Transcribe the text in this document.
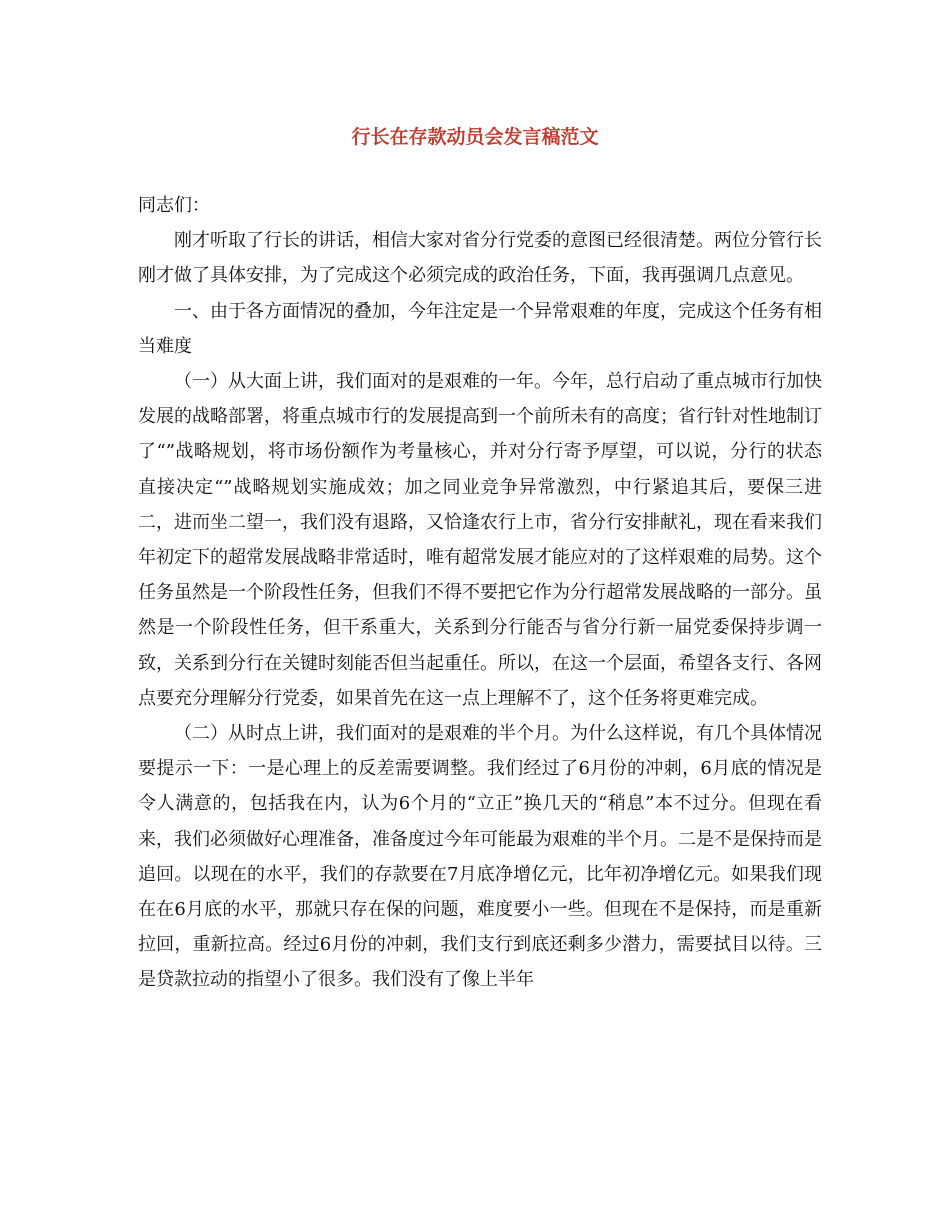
行长在存款动员会发言稿范文

同志们：

刚才听取了行长的讲话，相信大家对省分行党委的意图已经很清楚。两位分管行长刚才做了具体安排，为了完成这个必须完成的政治任务，下面，我再强调几点意见。

一、由于各方面情况的叠加，今年注定是一个异常艰难的年度，完成这个任务有相当难度

（一）从大面上讲，我们面对的是艰难的一年。今年，总行启动了重点城市行加快发展的战略部署，将重点城市行的发展提高到一个前所未有的高度；省行针对性地制订了“”战略规划，将市场份额作为考量核心，并对分行寄予厚望，可以说，分行的状态直接决定“”战略规划实施成效；加之同业竞争异常激烈，中行紧追其后，要保三进二，进而坐二望一，我们没有退路，又恰逢农行上市，省分行安排献礼，现在看来我们年初定下的超常发展战略非常适时，唯有超常发展才能应对的了这样艰难的局势。这个任务虽然是一个阶段性任务，但我们不得不要把它作为分行超常发展战略的一部分。虽然是一个阶段性任务，但干系重大，关系到分行能否与省分行新一届党委保持步调一致，关系到分行在关键时刻能否但当起重任。所以，在这一个层面，希望各支行、各网点要充分理解分行党委，如果首先在这一点上理解不了，这个任务将更难完成。

（二）从时点上讲，我们面对的是艰难的半个月。为什么这样说，有几个具体情况要提示一下：一是心理上的反差需要调整。我们经过了6月份的冲刺，6月底的情况是令人满意的，包括我在内，认为6个月的“立正”换几天的“稍息”本不过分。但现在看来，我们必须做好心理准备，准备度过今年可能最为艰难的半个月。二是不是保持而是追回。以现在的水平，我们的存款要在7月底净增亿元，比年初净增亿元。如果我们现在在6月底的水平，那就只存在保的问题，难度要小一些。但现在不是保持，而是重新拉回，重新拉高。经过6月份的冲刺，我们支行到底还剩多少潜力，需要拭目以待。三是贷款拉动的指望小了很多。我们没有了像上半年
